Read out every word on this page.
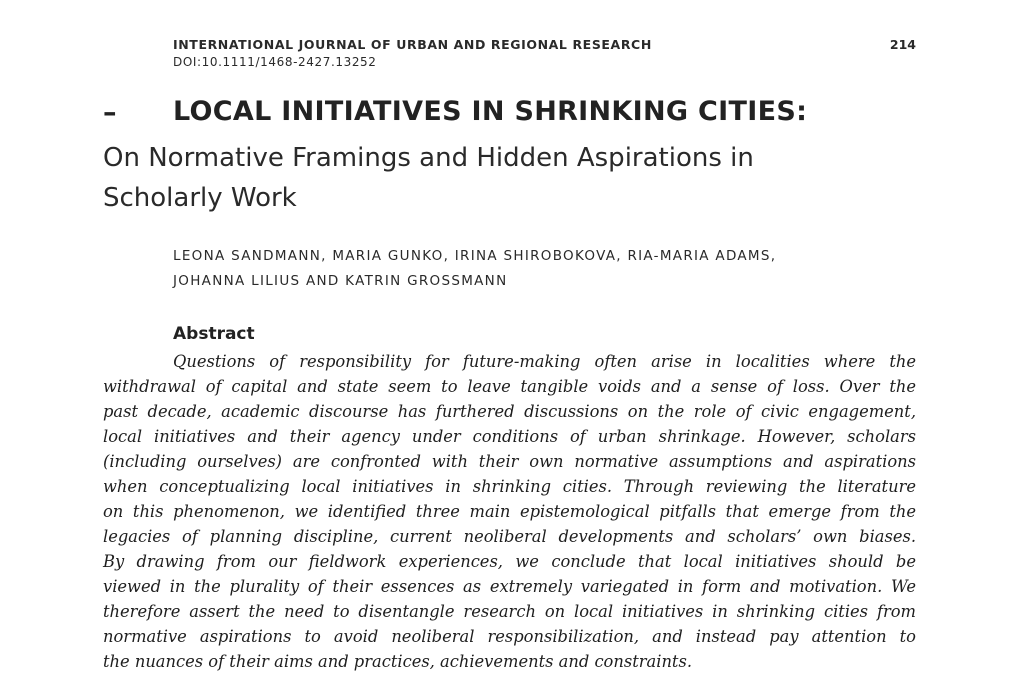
INTERNATIONAL JOURNAL OF URBAN AND REGIONAL RESEARCH	214
DOI:10.1111/1468-2427.13252
– LOCAL INITIATIVES IN SHRINKING CITIES:
On Normative Framings and Hidden Aspirations in
Scholarly Work
LEONA SANDMANN, MARIA GUNKO, IRINA SHIROBOKOVA, RIA-MARIA ADAMS,
JOHANNA LILIUS AND KATRIN GROSSMANN
Abstract
Questions of responsibility for future-making often arise in localities where the
withdrawal of capital and state seem to leave tangible voids and a sense of loss. Over the
past decade, academic discourse has furthered discussions on the role of civic engagement,
local initiatives and their agency under conditions of urban shrinkage. However, scholars
(including ourselves) are confronted with their own normative assumptions and aspirations
when conceptualizing local initiatives in shrinking cities. Through reviewing the literature
on this phenomenon, we identified three main epistemological pitfalls that emerge from the
legacies of planning discipline, current neoliberal developments and scholars’ own biases.
By drawing from our fieldwork experiences, we conclude that local initiatives should be
viewed in the plurality of their essences as extremely variegated in form and motivation. We
therefore assert the need to disentangle research on local initiatives in shrinking cities from
normative aspirations to avoid neoliberal responsibilization, and instead pay attention to
the nuances of their aims and practices, achievements and constraints.
